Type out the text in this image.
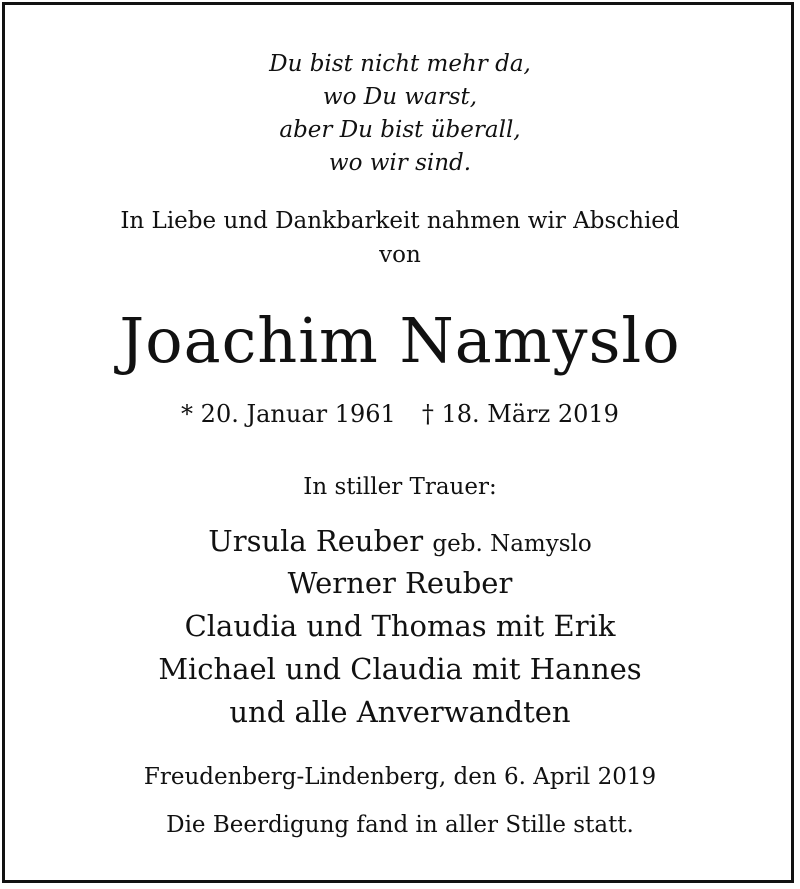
Du bist nicht mehr da,
wo Du warst,
aber Du bist überall,
wo wir sind.
In Liebe und Dankbarkeit nahmen wir Abschied
von
Joachim Namyslo
* 20. Januar 1961 † 18. März 2019
In stiller Trauer:
Ursula Reuber geb. Namyslo
Werner Reuber
Claudia und Thomas mit Erik
Michael und Claudia mit Hannes
und alle Anverwandten
Freudenberg-Lindenberg, den 6. April 2019
Die Beerdigung fand in aller Stille statt.
